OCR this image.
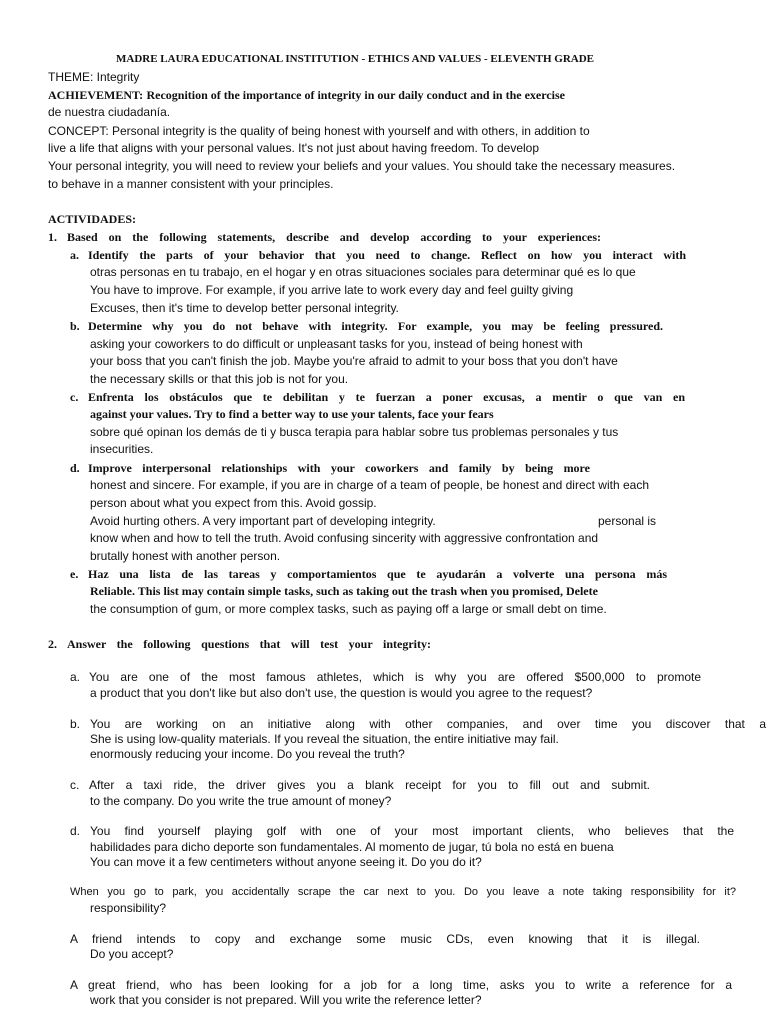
MADRE LAURA EDUCATIONAL INSTITUTION - ETHICS AND VALUES - ELEVENTH GRADE
THEME: Integrity
ACHIEVEMENT: Recognition of the importance of integrity in our daily conduct and in the exercise
de nuestra ciudadanía.
CONCEPT: Personal integrity is the quality of being honest with yourself and with others, in addition to
live a life that aligns with your personal values. It's not just about having freedom. To develop
Your personal integrity, you will need to review your beliefs and your values. You should take the necessary measures.
to behave in a manner consistent with your principles.
ACTIVIDADES:
1. Based on the following statements, describe and develop according to your experiences:
a. Identify the parts of your behavior that you need to change. Reflect on how you interact with
otras personas en tu trabajo, en el hogar y en otras situaciones sociales para determinar qué es lo que
You have to improve. For example, if you arrive late to work every day and feel guilty giving
Excuses, then it's time to develop better personal integrity.
b. Determine why you do not behave with integrity. For example, you may be feeling pressured.
asking your coworkers to do difficult or unpleasant tasks for you, instead of being honest with
your boss that you can't finish the job. Maybe you're afraid to admit to your boss that you don't have
the necessary skills or that this job is not for you.
c. Enfrenta los obstáculos que te debilitan y te fuerzan a poner excusas, a mentir o que van en
against your values. Try to find a better way to use your talents, face your fears
sobre qué opinan los demás de ti y busca terapia para hablar sobre tus problemas personales y tus
insecurities.
d. Improve interpersonal relationships with your coworkers and family by being more
honest and sincere. For example, if you are in charge of a team of people, be honest and direct with each
person about what you expect from this. Avoid gossip.
Avoid hurting others. A very important part of developing integrity.	personal is
know when and how to tell the truth. Avoid confusing sincerity with aggressive confrontation and
brutally honest with another person.
e. Haz una lista de las tareas y comportamientos que te ayudarán a volverte una persona más
Reliable. This list may contain simple tasks, such as taking out the trash when you promised, Delete
the consumption of gum, or more complex tasks, such as paying off a large or small debt on time.
2. Answer the following questions that will test your integrity:
a. You are one of the most famous athletes, which is why you are offered $500,000 to promote
a product that you don't like but also don't use, the question is would you agree to the request?
b. You are working on an initiative along with other companies, and over time you discover that a
She is using low-quality materials. If you reveal the situation, the entire initiative may fail.
enormously reducing your income. Do you reveal the truth?
c. After a taxi ride, the driver gives you a blank receipt for you to fill out and submit.
to the company. Do you write the true amount of money?
d. You find yourself playing golf with one of your most important clients, who believes that the
habilidades para dicho deporte son fundamentales. Al momento de jugar, tú bola no está en buena
You can move it a few centimeters without anyone seeing it. Do you do it?
When you go to park, you accidentally scrape the car next to you. Do you leave a note taking responsibility for it?
responsibility?
A friend intends to copy and exchange some music CDs, even knowing that it is illegal.
Do you accept?
A great friend, who has been looking for a job for a long time, asks you to write a reference for a
work that you consider is not prepared. Will you write the reference letter?
